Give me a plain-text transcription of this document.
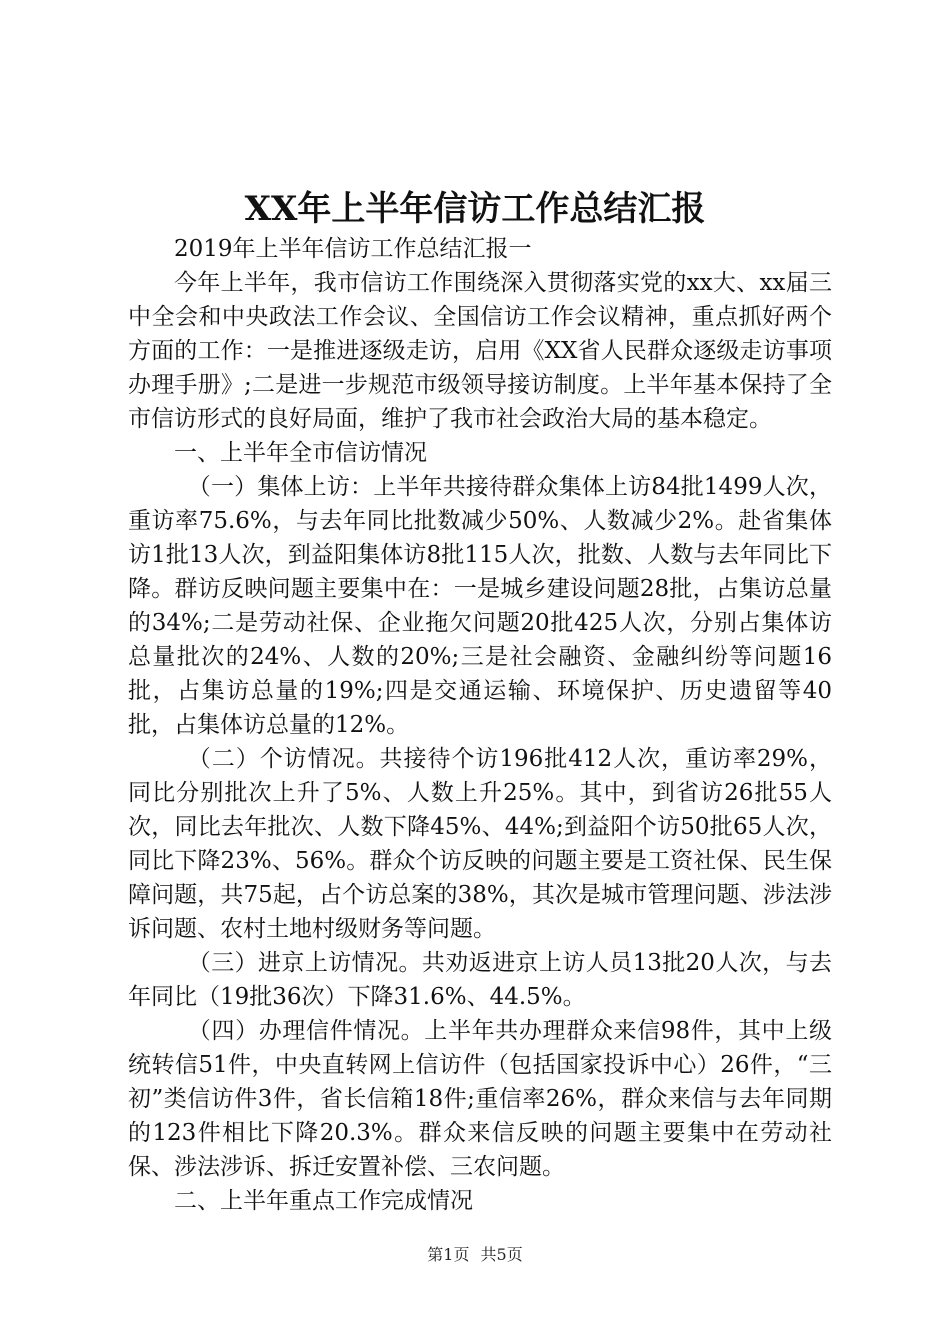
XX年上半年信访工作总结汇报

2019年上半年信访工作总结汇报一

今年上半年，我市信访工作围绕深入贯彻落实党的xx大、xx届三中全会和中央政法工作会议、全国信访工作会议精神，重点抓好两个方面的工作：一是推进逐级走访，启用《XX省人民群众逐级走访事项办理手册》;二是进一步规范市级领导接访制度。上半年基本保持了全市信访形式的良好局面，维护了我市社会政治大局的基本稳定。

一、上半年全市信访情况

（一）集体上访：上半年共接待群众集体上访84批1499人次，重访率75.6%，与去年同比批数减少50%、人数减少2%。赴省集体访1批13人次，到益阳集体访8批115人次，批数、人数与去年同比下降。群访反映问题主要集中在：一是城乡建设问题28批，占集访总量的34%;二是劳动社保、企业拖欠问题20批425人次，分别占集体访总量批次的24%、人数的20%;三是社会融资、金融纠纷等问题16批，占集访总量的19%;四是交通运输、环境保护、历史遗留等40批，占集体访总量的12%。

（二）个访情况。共接待个访196批412人次，重访率29%，同比分别批次上升了5%、人数上升25%。其中，到省访26批55人次，同比去年批次、人数下降45%、44%;到益阳个访50批65人次，同比下降23%、56%。群众个访反映的问题主要是工资社保、民生保障问题，共75起，占个访总案的38%，其次是城市管理问题、涉法涉诉问题、农村土地村级财务等问题。

（三）进京上访情况。共劝返进京上访人员13批20人次，与去年同比（19批36次）下降31.6%、44.5%。

（四）办理信件情况。上半年共办理群众来信98件，其中上级统转信51件，中央直转网上信访件（包括国家投诉中心）26件，“三初”类信访件3件，省长信箱18件;重信率26%，群众来信与去年同期的123件相比下降20.3%。群众来信反映的问题主要集中在劳动社保、涉法涉诉、拆迁安置补偿、三农问题。

二、上半年重点工作完成情况

第1页 共5页
